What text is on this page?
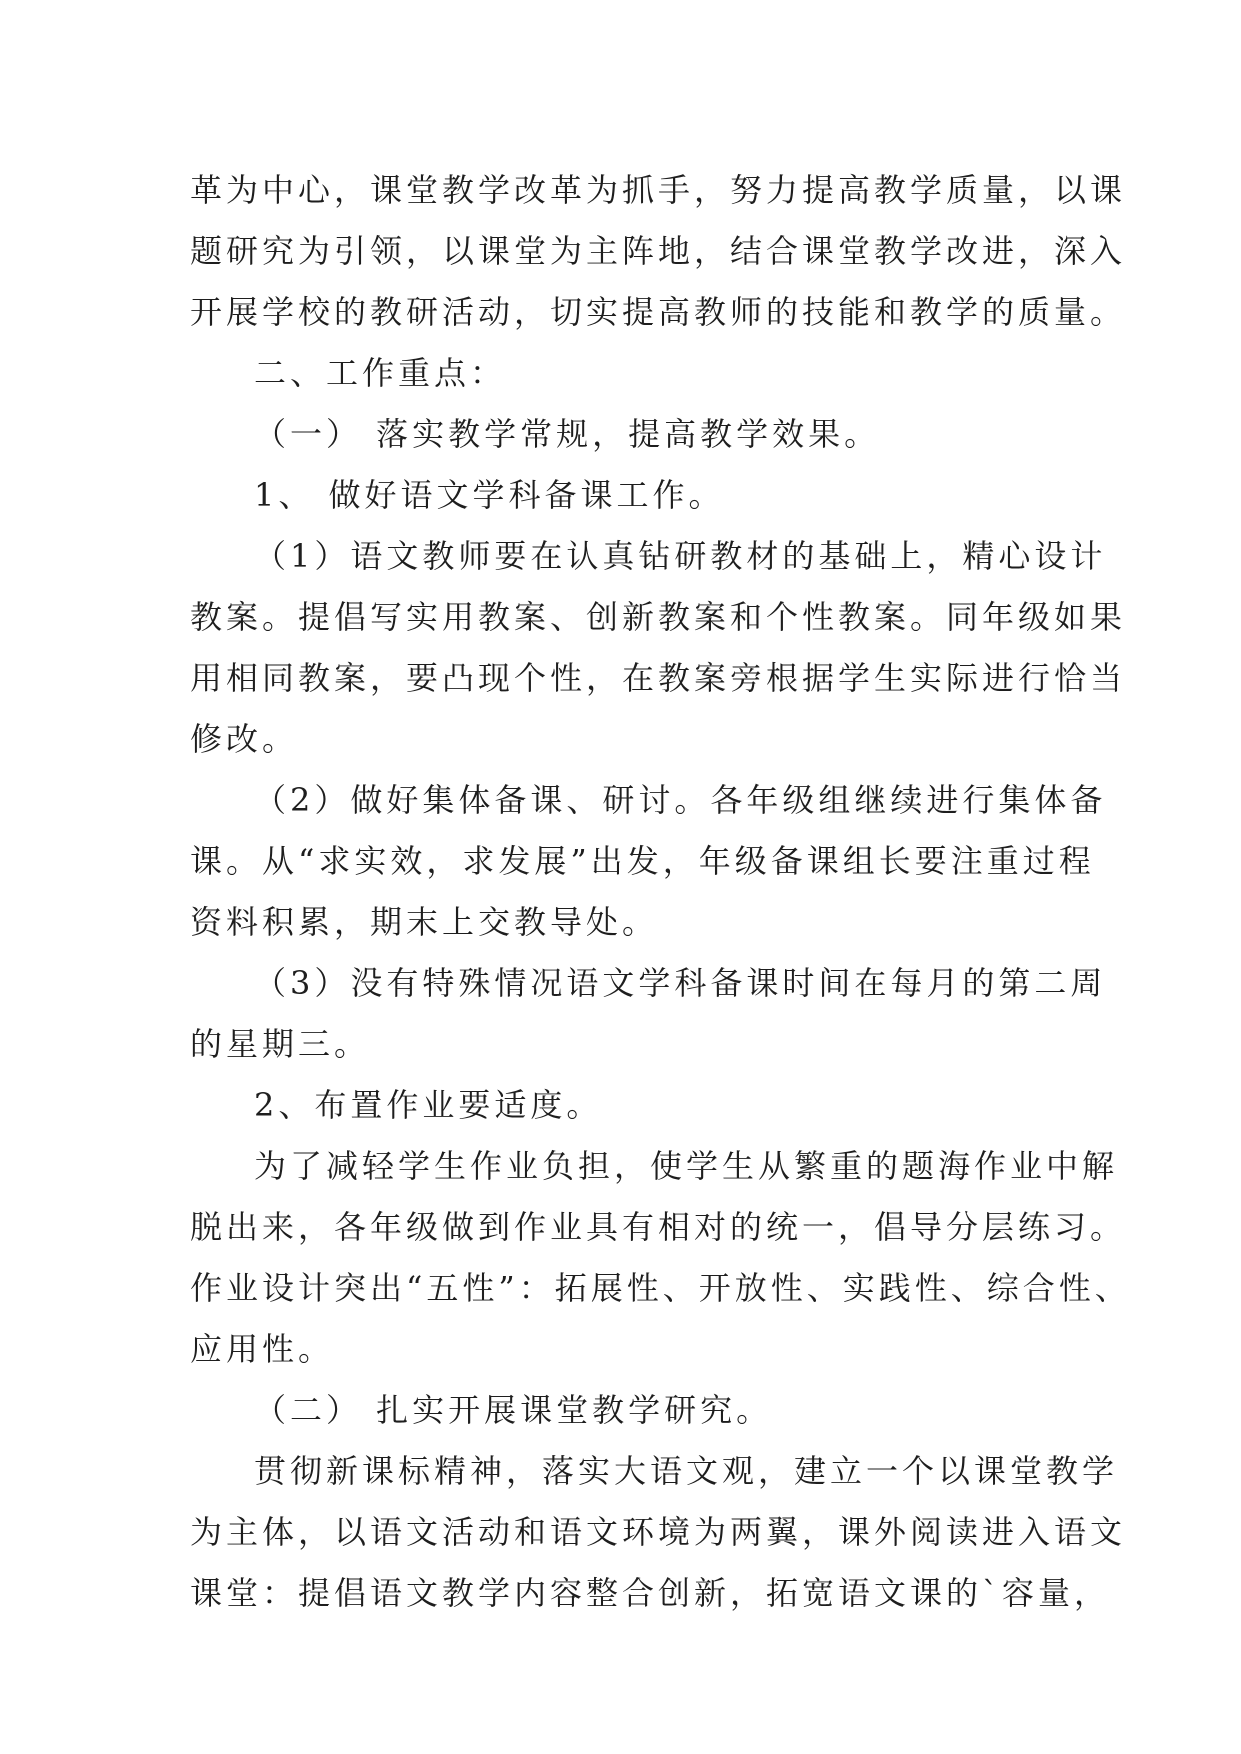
革为中心，课堂教学改革为抓手，努力提高教学质量，以课

题研究为引领，以课堂为主阵地，结合课堂教学改进，深入

开展学校的教研活动，切实提高教师的技能和教学的质量。

二、工作重点：

（一） 落实教学常规，提高教学效果。

1、 做好语文学科备课工作。

（1）语文教师要在认真钻研教材的基础上，精心设计

教案。提倡写实用教案、创新教案和个性教案。同年级如果

用相同教案，要凸现个性，在教案旁根据学生实际进行恰当

修改。

（2）做好集体备课、研讨。各年级组继续进行集体备

课。从“求实效，求发展”出发，年级备课组长要注重过程

资料积累，期末上交教导处。

（3）没有特殊情况语文学科备课时间在每月的第二周

的星期三。

2、布置作业要适度。

为了减轻学生作业负担，使学生从繁重的题海作业中解

脱出来，各年级做到作业具有相对的统一，倡导分层练习。

作业设计突出“五性”：拓展性、开放性、实践性、综合性、

应用性。

（二） 扎实开展课堂教学研究。

贯彻新课标精神，落实大语文观，建立一个以课堂教学

为主体，以语文活动和语文环境为两翼，课外阅读进入语文

课堂：提倡语文教学内容整合创新，拓宽语文课的`容量，
